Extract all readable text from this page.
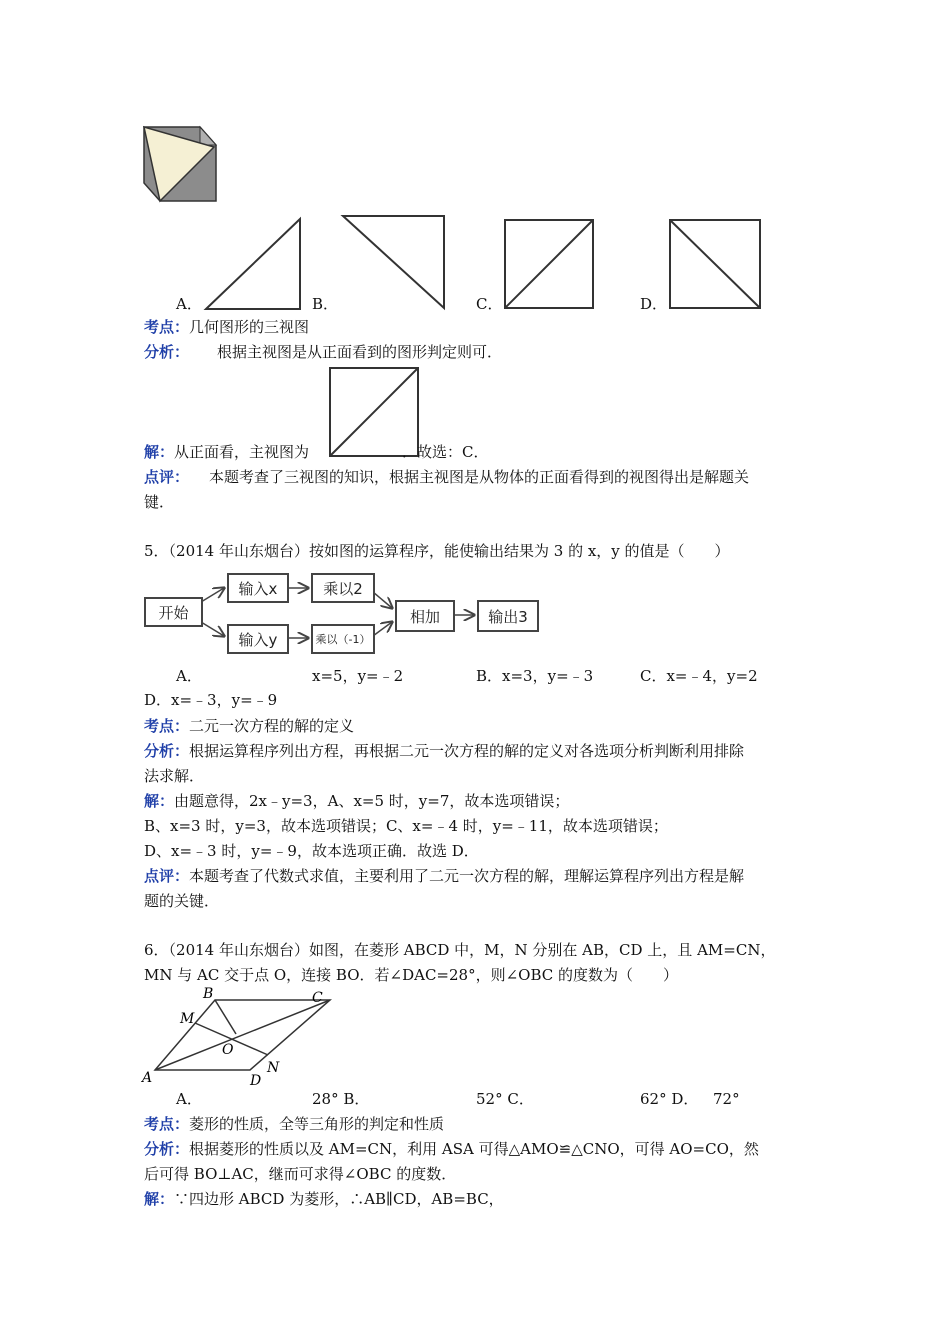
A．	B．	C．	D．
考点：几何图形的三视图
分析： 根据主视图是从正面看到的图形判定则可．
解：从正面看，主视图为	．故选：C．
点评： 本题考查了三视图的知识，根据主视图是从物体的正面看得到的视图得出是解题关
键．
5．（2014 年山东烟台）按如图的运算程序，能使输出结果为 3 的 x，y 的值是（　　）
开始
输入x
输入y
乘以2
乘以（-1）
相加	输出3
A．	x=5，y=﹣2	B．x=3，y=﹣3	C．x=﹣4，y=2
D．x=﹣3，y=﹣9
考点：二元一次方程的解的定义
分析：根据运算程序列出方程，再根据二元一次方程的解的定义对各选项分析判断利用排除
法求解．
解：由题意得，2x﹣y=3，A、x=5 时，y=7，故本选项错误；
B、x=3 时，y=3，故本选项错误；C、x=﹣4 时，y=﹣11，故本选项错误；
D、x=﹣3 时，y=﹣9，故本选项正确．故选 D．
点评：本题考查了代数式求值，主要利用了二元一次方程的解，理解运算程序列出方程是解
题的关键．
6．（2014 年山东烟台）如图，在菱形 ABCD 中，M，N 分别在 AB，CD 上，且 AM=CN，
MN 与 AC 交于点 O，连接 BO．若∠DAC=28°，则∠OBC 的度数为（　　）
A
B	C
D
M
N
O
A．	28° B．	52° C．	62° D． 72°
考点：菱形的性质，全等三角形的判定和性质
分析：根据菱形的性质以及 AM=CN，利用 ASA 可得△AMO≌△CNO，可得 AO=CO，然
后可得 BO⊥AC，继而可求得∠OBC 的度数．
解：∵四边形 ABCD 为菱形，∴AB∥CD，AB=BC，
